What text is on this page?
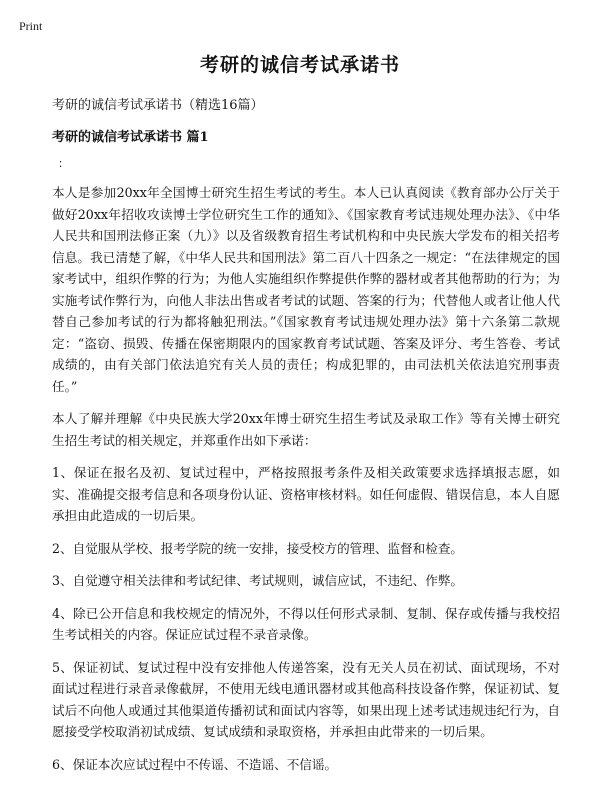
Print
考研的诚信考试承诺书
考研的诚信考试承诺书（精选16篇）
考研的诚信考试承诺书 篇1
：

本人是参加20xx年全国博士研究生招生考试的考生。本人已认真阅读《教育部办公厅关于做好20xx年招收攻读博士学位研究生工作的通知》、《国家教育考试违规处理办法》、《中华人民共和国刑法修正案（九）》以及省级教育招生考试机构和中央民族大学发布的相关招考信息。我已清楚了解，《中华人民共和国刑法》第二百八十四条之一规定：“在法律规定的国家考试中，组织作弊的行为；为他人实施组织作弊提供作弊的器材或者其他帮助的行为；为实施考试作弊行为，向他人非法出售或者考试的试题、答案的行为；代替他人或者让他人代替自己参加考试的行为都将触犯刑法。”《国家教育考试违规处理办法》第十六条第二款规定：“盗窃、损毁、传播在保密期限内的国家教育考试试题、答案及评分、考生答卷、考试成绩的，由有关部门依法追究有关人员的责任；构成犯罪的，由司法机关依法追究刑事责任。”

本人了解并理解《中央民族大学20xx年博士研究生招生考试及录取工作》等有关博士研究生招生考试的相关规定，并郑重作出如下承诺：

1、保证在报名及初、复试过程中，严格按照报考条件及相关政策要求选择填报志愿，如实、准确提交报考信息和各项身份认证、资格审核材料。如任何虚假、错误信息，本人自愿承担由此造成的一切后果。

2、自觉服从学校、报考学院的统一安排，接受校方的管理、监督和检查。

3、自觉遵守相关法律和考试纪律、考试规则，诚信应试，不违纪、作弊。

4、除已公开信息和我校规定的情况外，不得以任何形式录制、复制、保存或传播与我校招生考试相关的内容。保证应试过程不录音录像。

5、保证初试、复试过程中没有安排他人传递答案，没有无关人员在初试、面试现场，不对面试过程进行录音录像截屏，不使用无线电通讯器材或其他高科技设备作弊，保证初试、复试后不向他人或通过其他渠道传播初试和面试内容等，如果出现上述考试违规违纪行为，自愿接受学校取消初试成绩、复试成绩和录取资格，并承担由此带来的一切后果。

6、保证本次应试过程中不传谣、不造谣、不信谣。
